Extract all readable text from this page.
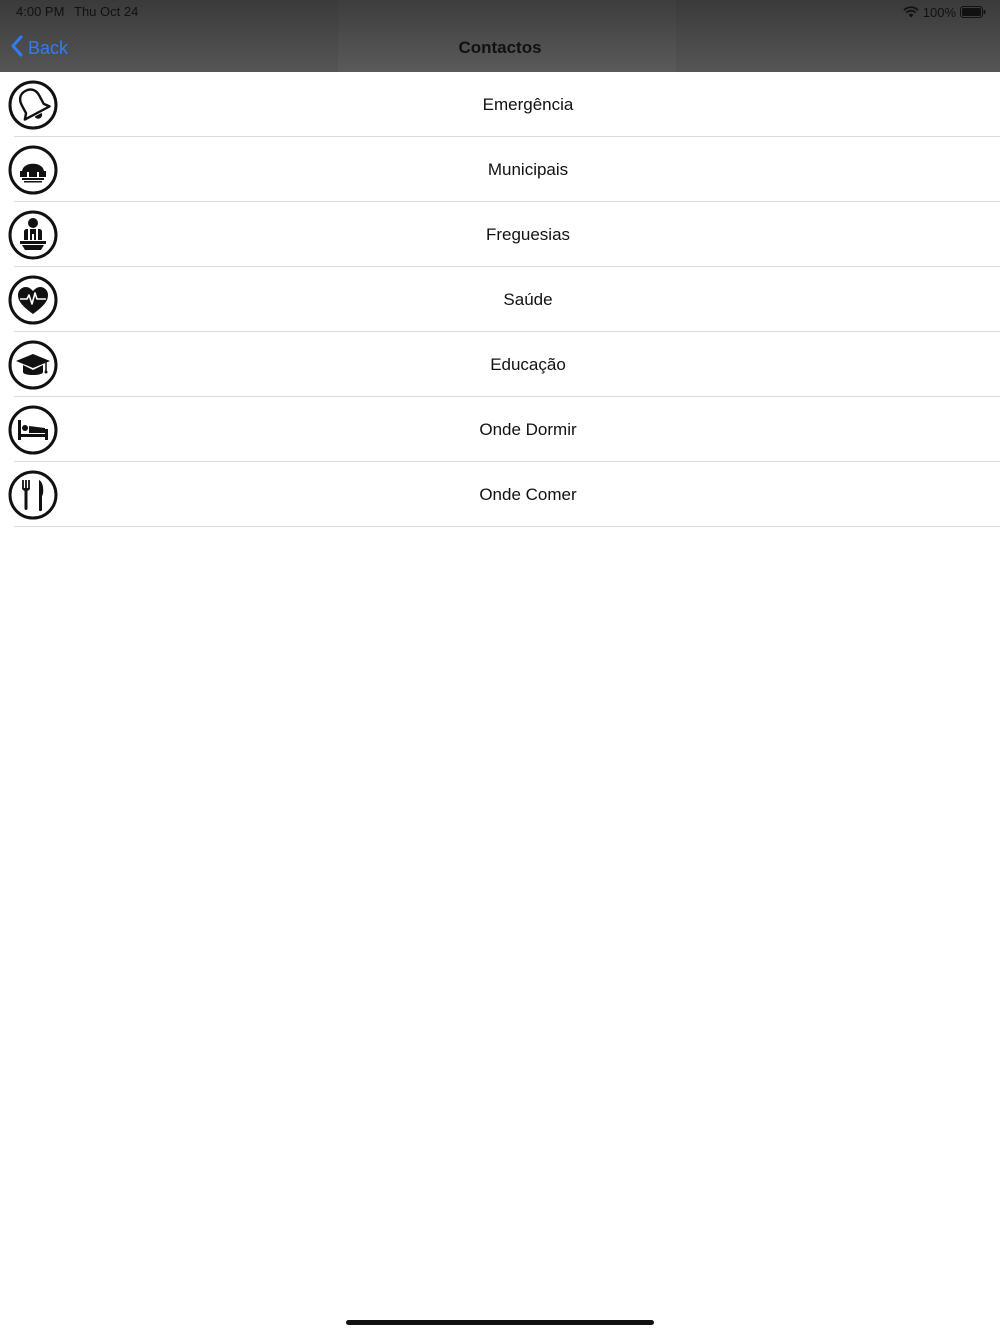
4:00 PM Thu Oct 24	100%
Back	Contactos
Emergência
Municipais
Freguesias
Saúde
Educação
Onde Dormir
Onde Comer
